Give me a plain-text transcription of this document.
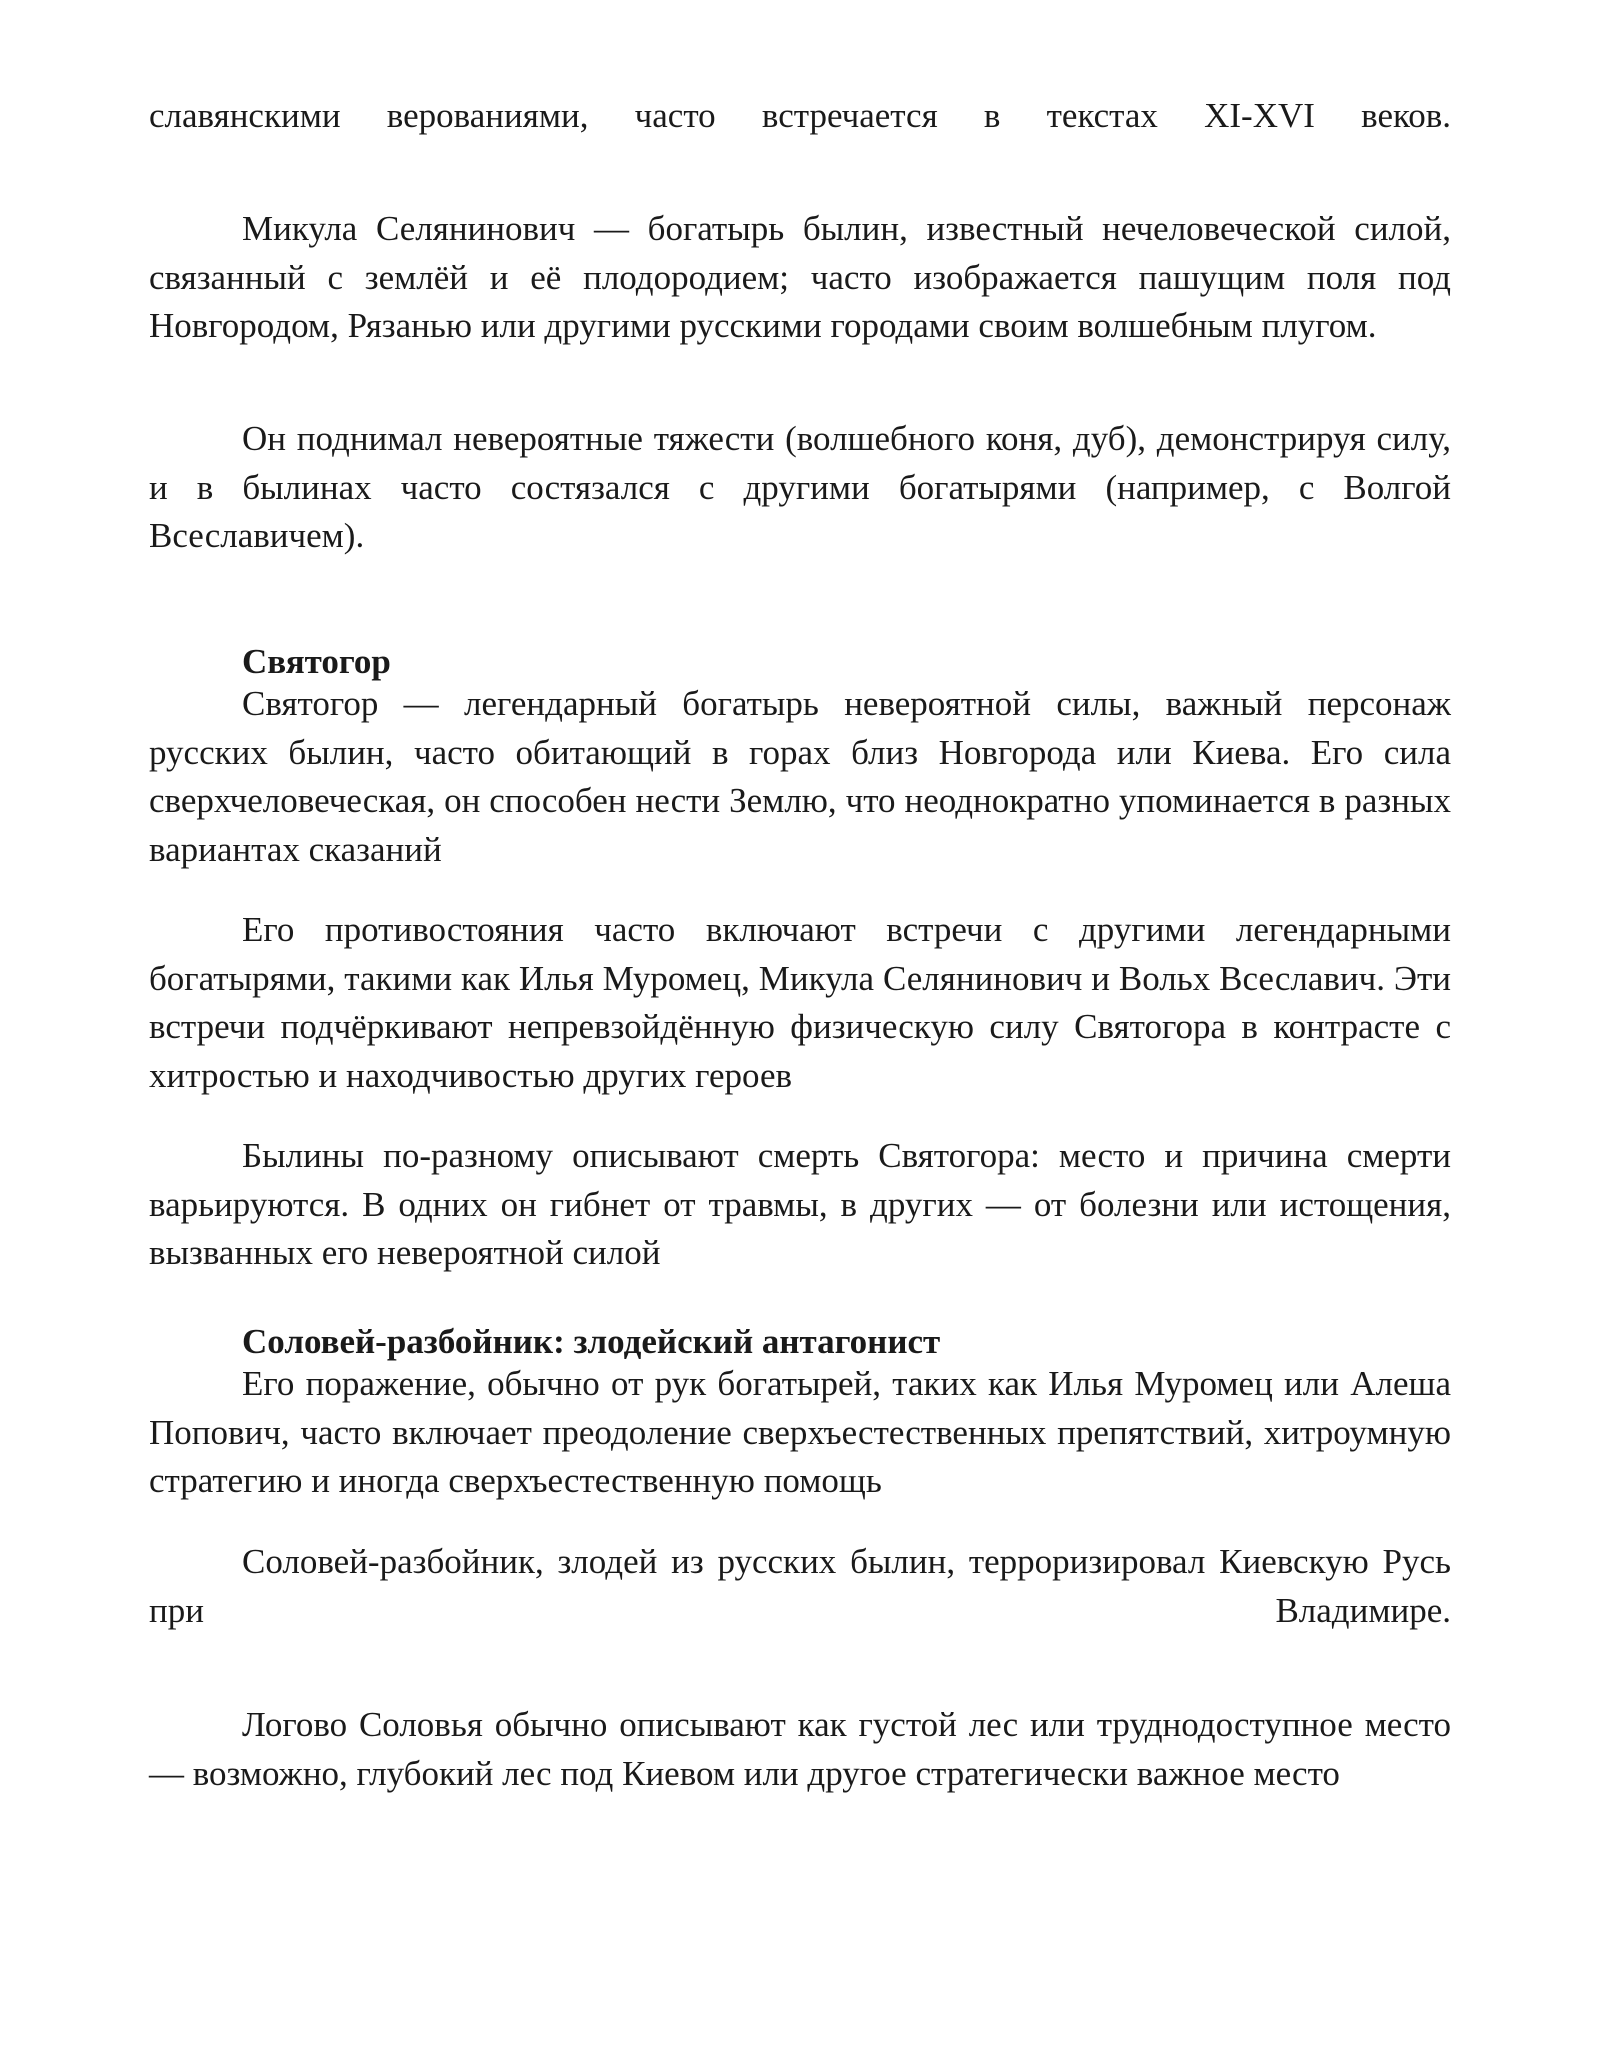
славянскими верованиями, часто встречается в текстах XI-XVI веков.

Микула Селянинович — богатырь былин, известный нечеловеческой силой, связанный с землёй и её плодородием; часто изображается пашущим поля под Новгородом, Рязанью или другими русскими городами своим волшебным плугом.

Он поднимал невероятные тяжести (волшебного коня, дуб), демонстрируя силу, и в былинах часто состязался с другими богатырями (например, с Волгой Всеславичем).

Святогор

Святогор — легендарный богатырь невероятной силы, важный персонаж русских былин, часто обитающий в горах близ Новгорода или Киева. Его сила сверхчеловеческая, он способен нести Землю, что неоднократно упоминается в разных вариантах сказаний

Его противостояния часто включают встречи с другими легендарными богатырями, такими как Илья Муромец, Микула Селянинович и Вольх Всеславич. Эти встречи подчёркивают непревзойдённую физическую силу Святогора в контрасте с хитростью и находчивостью других героев

Былины по-разному описывают смерть Святогора: место и причина смерти варьируются. В одних он гибнет от травмы, в других — от болезни или истощения, вызванных его невероятной силой

Соловей-разбойник: злодейский антагонист

Его поражение, обычно от рук богатырей, таких как Илья Муромец или Алеша Попович, часто включает преодоление сверхъестественных препятствий, хитроумную стратегию и иногда сверхъестественную помощь

Соловей-разбойник, злодей из русских былин, терроризировал Киевскую Русь при Владимире.

Логово Соловья обычно описывают как густой лес или труднодоступное место — возможно, глубокий лес под Киевом или другое стратегически важное место
